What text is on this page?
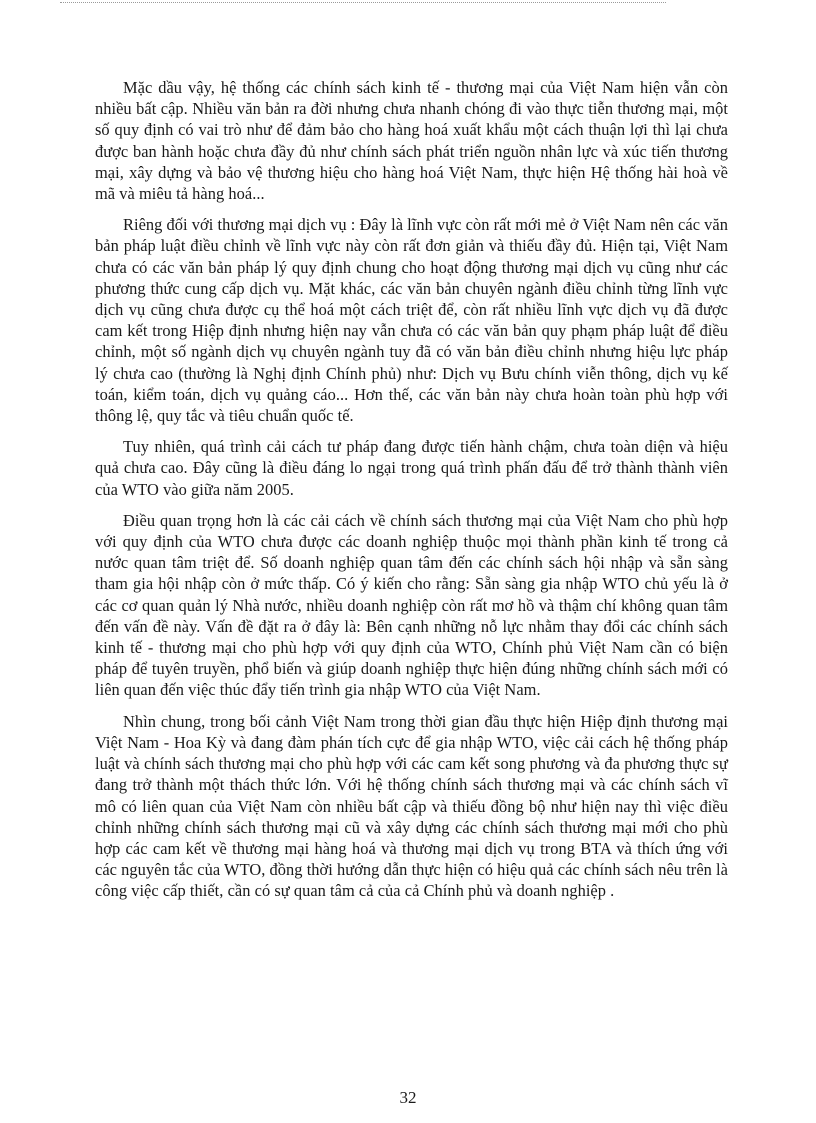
Mặc dầu vậy, hệ thống các chính sách kinh tế - thương mại của Việt Nam hiện vẫn còn nhiều bất cập. Nhiều văn bản ra đời nhưng chưa nhanh chóng đi vào thực tiễn thương mại, một số quy định có vai trò như để đảm bảo cho hàng hoá xuất khẩu một cách thuận lợi thì lại chưa được ban hành hoặc chưa đầy đủ như chính sách phát triển nguồn nhân lực và xúc tiến thương mại, xây dựng và bảo vệ thương hiệu cho hàng hoá Việt Nam, thực hiện Hệ thống hài hoà về mã và miêu tả hàng hoá...

Riêng đối với thương mại dịch vụ : Đây là lĩnh vực còn rất mới mẻ ở Việt Nam nên các văn bản pháp luật điều chỉnh về lĩnh vực này còn rất đơn giản và thiếu đầy đủ. Hiện tại, Việt Nam chưa có các văn bản pháp lý quy định chung cho hoạt động thương mại dịch vụ cũng như các phương thức cung cấp dịch vụ. Mặt khác, các văn bản chuyên ngành điều chỉnh từng lĩnh vực dịch vụ cũng chưa được cụ thể hoá một cách triệt để, còn rất nhiều lĩnh vực dịch vụ đã được cam kết trong Hiệp định nhưng hiện nay vẫn chưa có các văn bản quy phạm pháp luật để điều chỉnh, một số ngành dịch vụ chuyên ngành tuy đã có văn bản điều chỉnh nhưng hiệu lực pháp lý chưa cao (thường là Nghị định Chính phủ) như: Dịch vụ Bưu chính viễn thông, dịch vụ kế toán, kiểm toán, dịch vụ quảng cáo... Hơn thế, các văn bản này chưa hoàn toàn phù hợp với thông lệ, quy tắc và tiêu chuẩn quốc tế.

Tuy nhiên, quá trình cải cách tư pháp đang được tiến hành chậm, chưa toàn diện và hiệu quả chưa cao. Đây cũng là điều đáng lo ngại trong quá trình phấn đấu để trở thành thành viên của WTO vào giữa năm 2005.

Điều quan trọng hơn là các cải cách về chính sách thương mại của Việt Nam cho phù hợp với quy định của WTO chưa được các doanh nghiệp thuộc mọi thành phần kinh tế trong cả nước quan tâm triệt để. Số doanh nghiệp quan tâm đến các chính sách hội nhập và sẵn sàng tham gia hội nhập còn ở mức thấp. Có ý kiến cho rằng: Sẵn sàng gia nhập WTO chủ yếu là ở các cơ quan quản lý Nhà nước, nhiều doanh nghiệp còn rất mơ hồ và thậm chí không quan tâm đến vấn đề này. Vấn đề đặt ra ở đây là: Bên cạnh những nỗ lực nhằm thay đổi các chính sách kinh tế - thương mại cho phù hợp với quy định của WTO, Chính phủ Việt Nam cần có biện pháp để tuyên truyền, phổ biến và giúp doanh nghiệp thực hiện đúng những chính sách mới có liên quan đến việc thúc đẩy tiến trình gia nhập WTO của Việt Nam.

Nhìn chung, trong bối cảnh Việt Nam trong thời gian đầu thực hiện Hiệp định thương mại Việt Nam - Hoa Kỳ và đang đàm phán tích cực để gia nhập WTO, việc cải cách hệ thống pháp luật và chính sách thương mại cho phù hợp với các cam kết song phương và đa phương thực sự đang trở thành một thách thức lớn. Với hệ thống chính sách thương mại và các chính sách vĩ mô có liên quan của Việt Nam còn nhiều bất cập và thiếu đồng bộ như hiện nay thì việc điều chỉnh những chính sách thương mại cũ và xây dựng các chính sách thương mại mới cho phù hợp các cam kết về thương mại hàng hoá và thương mại dịch vụ trong BTA và thích ứng với các nguyên tắc của WTO, đồng thời hướng dẫn thực hiện có hiệu quả các chính sách nêu trên là công việc cấp thiết, cần có sự quan tâm cả của cả Chính phủ và doanh nghiệp .

32
